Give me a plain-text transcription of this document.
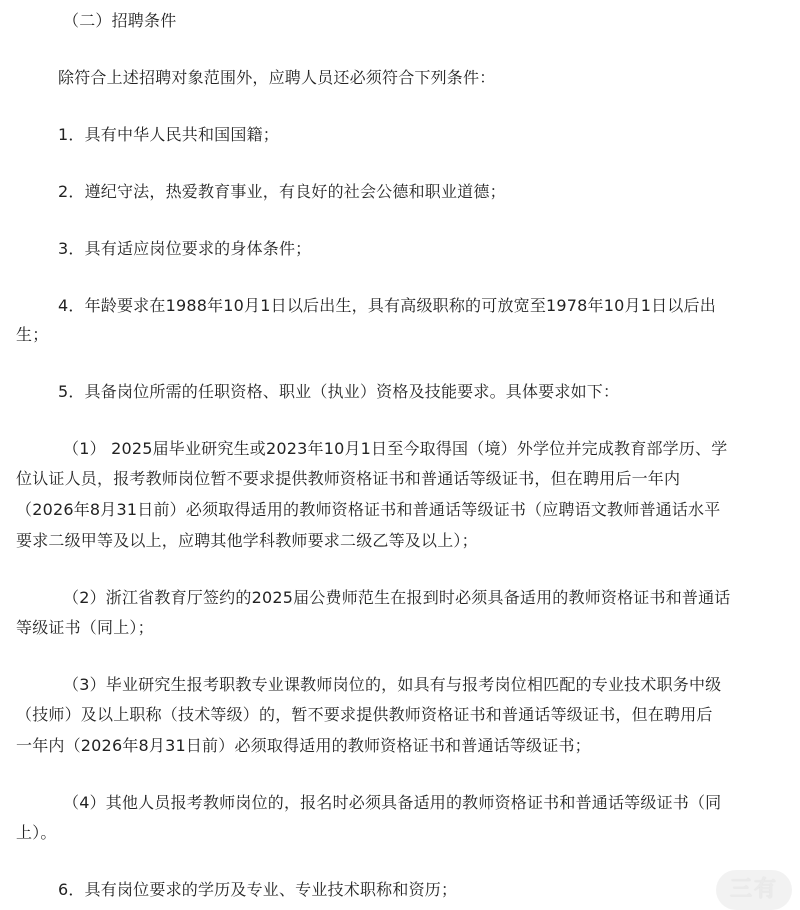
（二）招聘条件
除符合上述招聘对象范围外，应聘人员还必须符合下列条件：
1．具有中华人民共和国国籍；
2．遵纪守法，热爱教育事业，有良好的社会公德和职业道德；
3．具有适应岗位要求的身体条件；
4．年龄要求在1988年10月1日以后出生，具有高级职称的可放宽至1978年10月1日以后出
生；
5．具备岗位所需的任职资格、职业（执业）资格及技能要求。具体要求如下：
（1） 2025届毕业研究生或2023年10月1日至今取得国（境）外学位并完成教育部学历、学
位认证人员，报考教师岗位暂不要求提供教师资格证书和普通话等级证书，但在聘用后一年内
（2026年8月31日前）必须取得适用的教师资格证书和普通话等级证书（应聘语文教师普通话水平
要求二级甲等及以上，应聘其他学科教师要求二级乙等及以上）；
（2）浙江省教育厅签约的2025届公费师范生在报到时必须具备适用的教师资格证书和普通话
等级证书（同上）；
（3）毕业研究生报考职教专业课教师岗位的，如具有与报考岗位相匹配的专业技术职务中级
（技师）及以上职称（技术等级）的，暂不要求提供教师资格证书和普通话等级证书，但在聘用后
一年内（2026年8月31日前）必须取得适用的教师资格证书和普通话等级证书；
（4）其他人员报考教师岗位的，报名时必须具备适用的教师资格证书和普通话等级证书（同
上）。
6．具有岗位要求的学历及专业、专业技术职称和资历；	三有
